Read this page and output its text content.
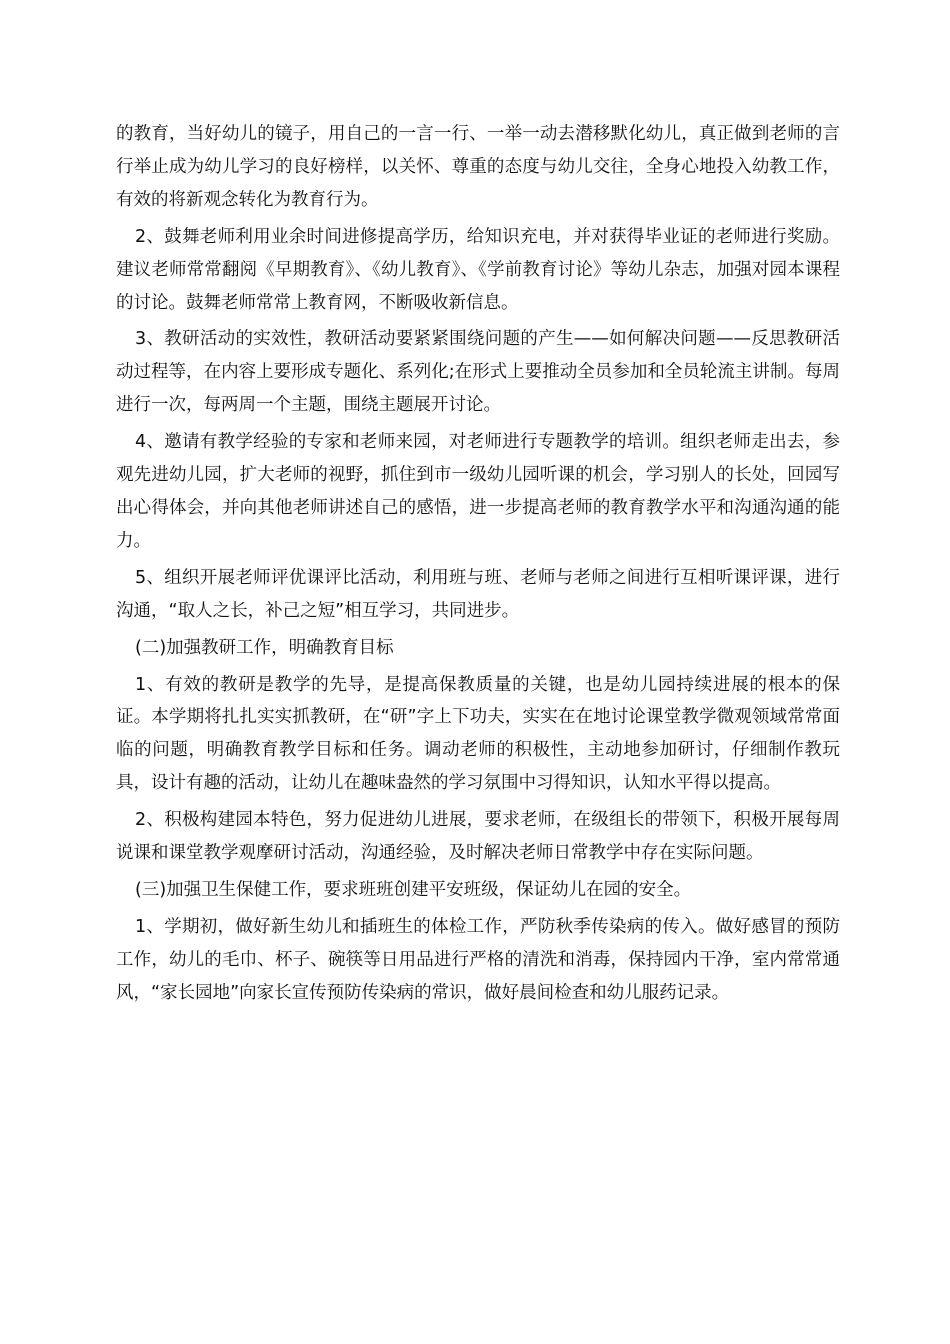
的教育，当好幼儿的镜子，用自己的一言一行、一举一动去潜移默化幼儿，真正做到老师的言行举止成为幼儿学习的良好榜样，以关怀、尊重的态度与幼儿交往，全身心地投入幼教工作，有效的将新观念转化为教育行为。

2、鼓舞老师利用业余时间进修提高学历，给知识充电，并对获得毕业证的老师进行奖励。建议老师常常翻阅《早期教育》、《幼儿教育》、《学前教育讨论》等幼儿杂志，加强对园本课程的讨论。鼓舞老师常常上教育网，不断吸收新信息。

3、教研活动的实效性，教研活动要紧紧围绕问题的产生——如何解决问题——反思教研活动过程等，在内容上要形成专题化、系列化;在形式上要推动全员参加和全员轮流主讲制。每周进行一次，每两周一个主题，围绕主题展开讨论。

4、邀请有教学经验的专家和老师来园，对老师进行专题教学的培训。组织老师走出去，参观先进幼儿园，扩大老师的视野，抓住到市一级幼儿园听课的机会，学习别人的长处，回园写出心得体会，并向其他老师讲述自己的感悟，进一步提高老师的教育教学水平和沟通沟通的能力。

5、组织开展老师评优课评比活动，利用班与班、老师与老师之间进行互相听课评课，进行沟通，“取人之长，补己之短”相互学习，共同进步。

(二)加强教研工作，明确教育目标

1、有效的教研是教学的先导，是提高保教质量的关键，也是幼儿园持续进展的根本的保证。本学期将扎扎实实抓教研，在“研”字上下功夫，实实在在地讨论课堂教学微观领域常常面临的问题，明确教育教学目标和任务。调动老师的积极性，主动地参加研讨，仔细制作教玩具，设计有趣的活动，让幼儿在趣味盎然的学习氛围中习得知识，认知水平得以提高。

2、积极构建园本特色，努力促进幼儿进展，要求老师，在级组长的带领下，积极开展每周说课和课堂教学观摩研讨活动，沟通经验，及时解决老师日常教学中存在实际问题。

(三)加强卫生保健工作，要求班班创建平安班级，保证幼儿在园的安全。

1、学期初，做好新生幼儿和插班生的体检工作，严防秋季传染病的传入。做好感冒的预防工作，幼儿的毛巾、杯子、碗筷等日用品进行严格的清洗和消毒，保持园内干净，室内常常通风，“家长园地”向家长宣传预防传染病的常识，做好晨间检查和幼儿服药记录。
